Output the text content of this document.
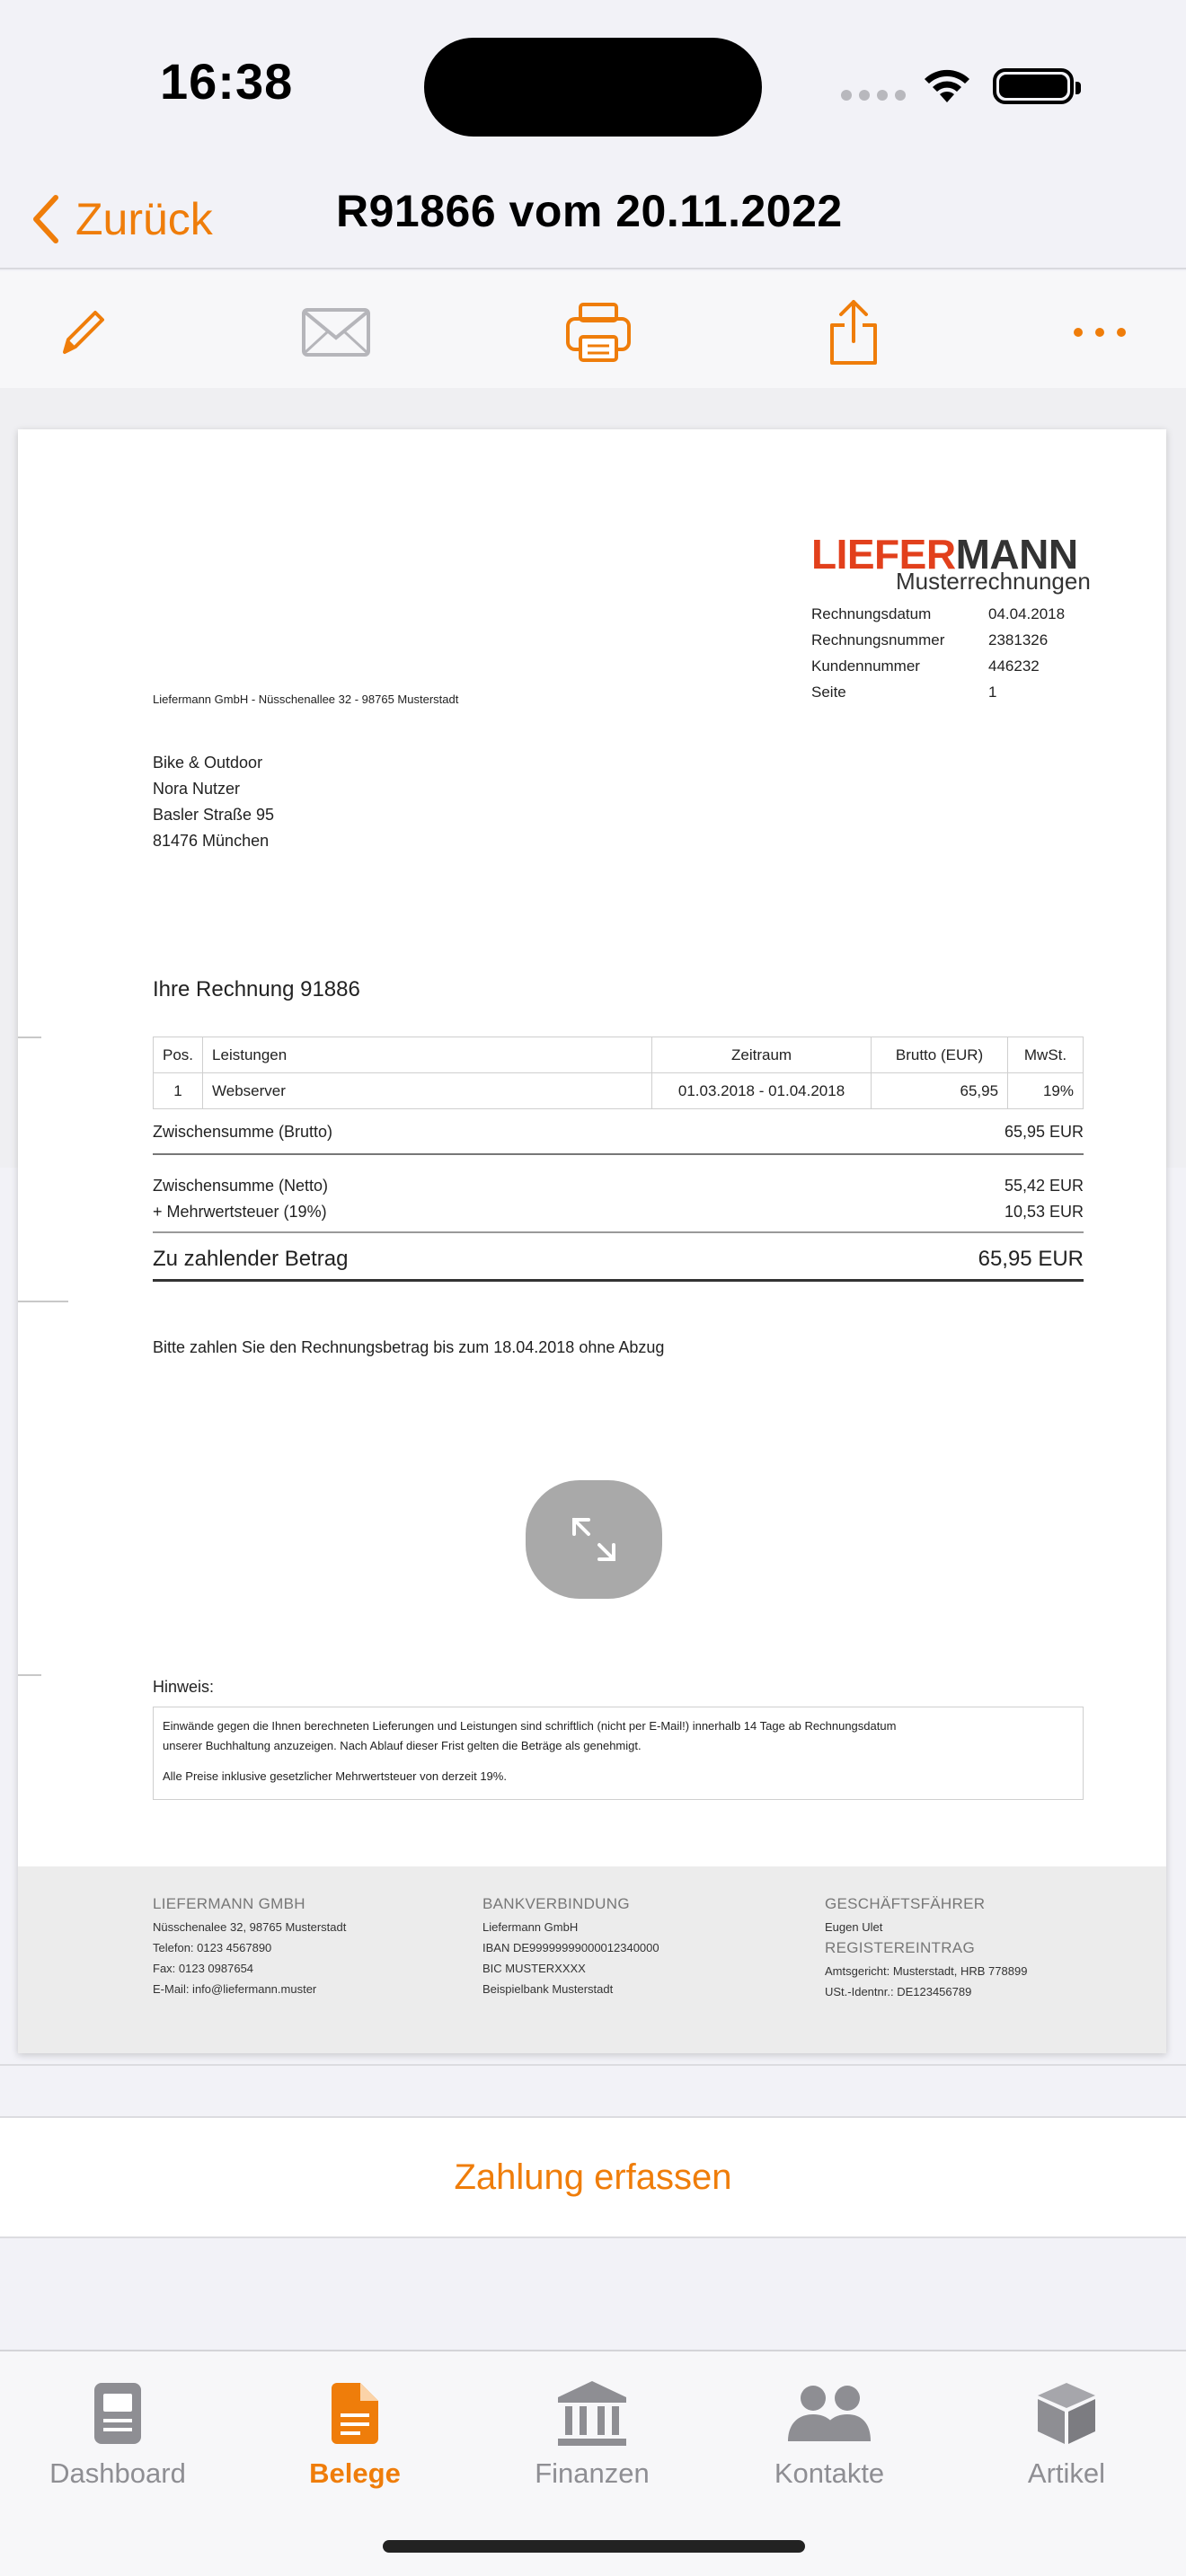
16:38
Zurück	R91866 vom 20.11.2022
LIEFERMANN
Musterrechnungen
Rechnungsdatum	04.04.2018
Rechnungsnummer	2381326
Kundennummer	446232
Seite	1
Liefermann GmbH - Nüsschenallee 32 - 98765 Musterstadt
Bike & Outdoor
Nora Nutzer
Basler Straße 95
81476 München
Ihre Rechnung 91886
Pos.	Leistungen	Zeitraum	Brutto (EUR)	MwSt.
1	Webserver	01.03.2018 - 01.04.2018	65,95	19%
Zwischensumme (Brutto)	65,95 EUR
Zwischensumme (Netto)	55,42 EUR
+ Mehrwertsteuer (19%)	10,53 EUR
Zu zahlender Betrag	65,95 EUR
Bitte zahlen Sie den Rechnungsbetrag bis zum 18.04.2018 ohne Abzug
Hinweis:
Einwände gegen die Ihnen berechneten Lieferungen und Leistungen sind schriftlich (nicht per E-Mail!) innerhalb 14 Tage ab Rechnungsdatum
unserer Buchhaltung anzuzeigen. Nach Ablauf dieser Frist gelten die Beträge als genehmigt.
Alle Preise inklusive gesetzlicher Mehrwertsteuer von derzeit 19%.
LIEFERMANN GMBH
Nüsschenalee 32, 98765 Musterstadt
Telefon: 0123 4567890
Fax: 0123 0987654
E-Mail: info@liefermann.muster
BANKVERBINDUNG
Liefermann GmbH
IBAN DE99999999000012340000
BIC MUSTERXXXX
Beispielbank Musterstadt
GESCHÄFTSFÄHRER
Eugen Ulet
REGISTEREINTRAG
Amtsgericht: Musterstadt, HRB 778899
USt.-Identnr.: DE123456789
Zahlung erfassen
Dashboard	Belege	Finanzen	Kontakte	Artikel
